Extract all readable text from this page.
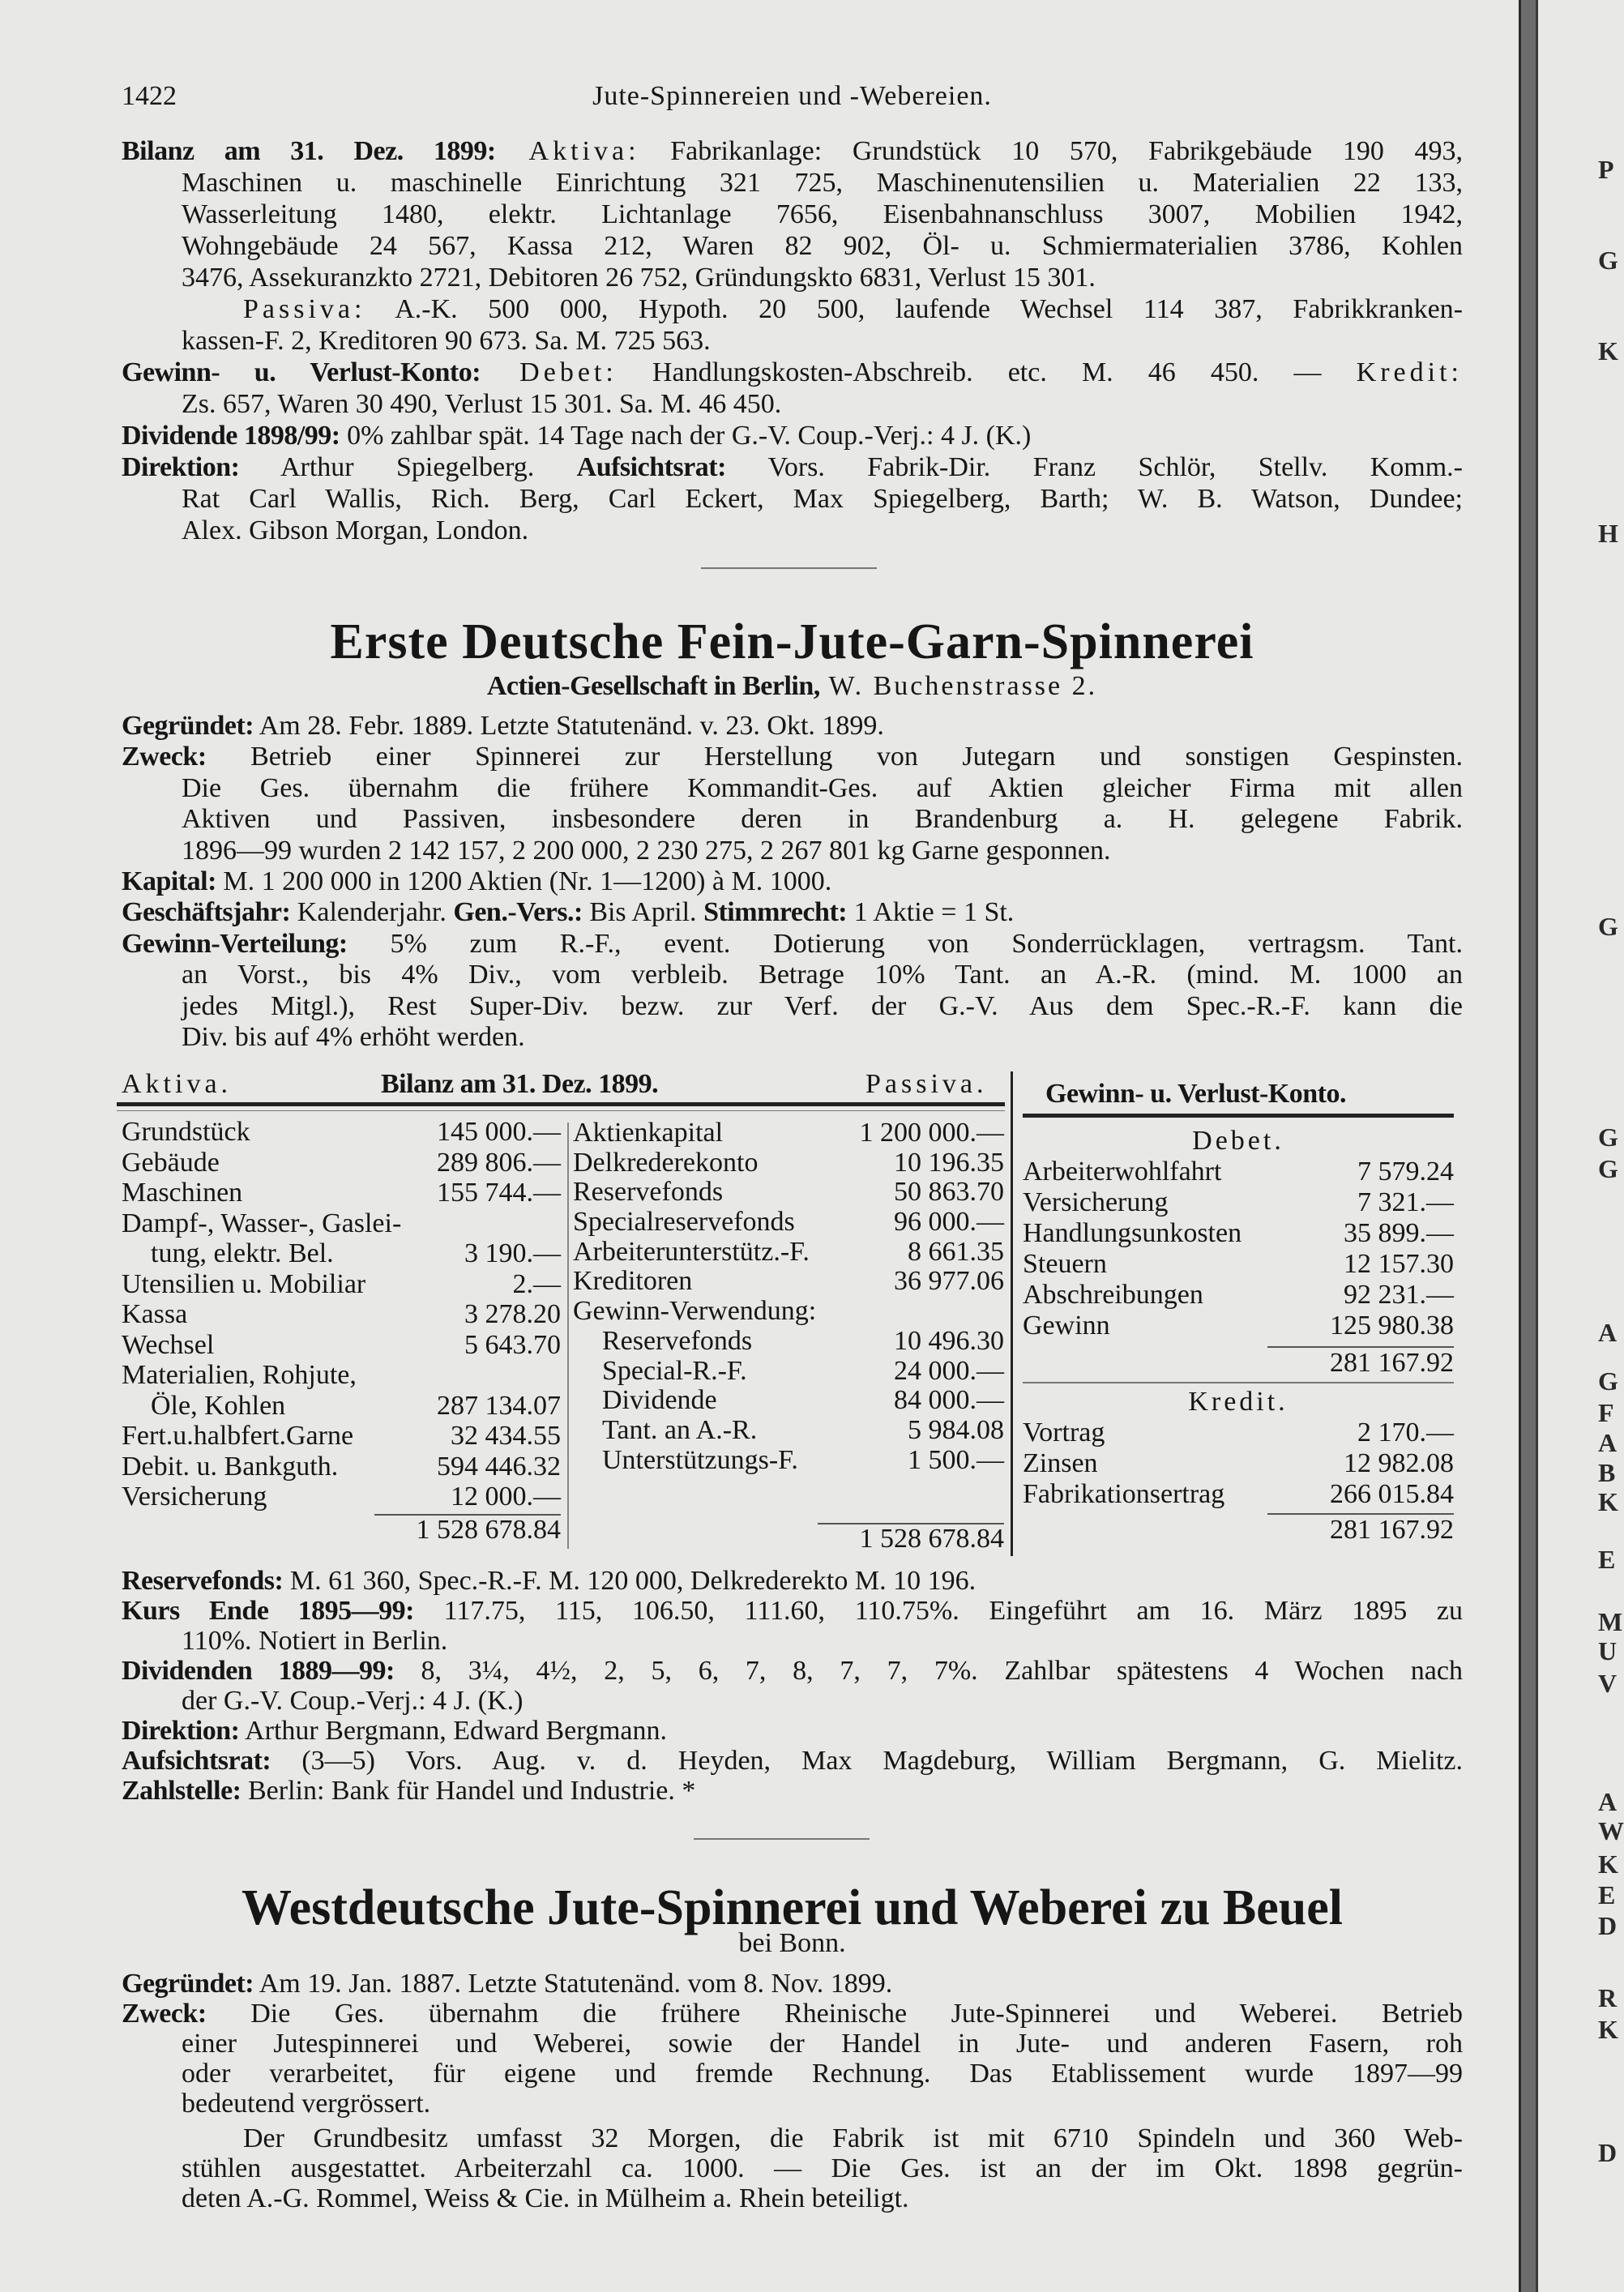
1422	Jute-Spinnereien und -Webereien.
Bilanz am 31. Dez. 1899: Aktiva: Fabrikanlage: Grundstück 10 570, Fabrikgebäude 190 493,
Maschinen u. maschinelle Einrichtung 321 725, Maschinenutensilien u. Materialien 22 133,
Wasserleitung 1480, elektr. Lichtanlage 7656, Eisenbahnanschluss 3007, Mobilien 1942,
Wohngebäude 24 567, Kassa 212, Waren 82 902, Öl- u. Schmiermaterialien 3786, Kohlen
3476, Assekuranzkto 2721, Debitoren 26 752, Gründungskto 6831, Verlust 15 301.
Passiva: A.-K. 500 000, Hypoth. 20 500, laufende Wechsel 114 387, Fabrikkranken-
kassen-F. 2, Kreditoren 90 673. Sa. M. 725 563.
Gewinn- u. Verlust-Konto: Debet: Handlungskosten-Abschreib. etc. M. 46 450. — Kredit:
Zs. 657, Waren 30 490, Verlust 15 301. Sa. M. 46 450.
Dividende 1898/99: 0% zahlbar spät. 14 Tage nach der G.-V. Coup.-Verj.: 4 J. (K.)
Direktion: Arthur Spiegelberg. Aufsichtsrat: Vors. Fabrik-Dir. Franz Schlör, Stellv. Komm.-
Rat Carl Wallis, Rich. Berg, Carl Eckert, Max Spiegelberg, Barth; W. B. Watson, Dundee;
Alex. Gibson Morgan, London.
Erste Deutsche Fein-Jute-Garn-Spinnerei
Actien-Gesellschaft in Berlin, W. Buchenstrasse 2.
Gegründet: Am 28. Febr. 1889. Letzte Statutenänd. v. 23. Okt. 1899.
Zweck: Betrieb einer Spinnerei zur Herstellung von Jutegarn und sonstigen Gespinsten.
Die Ges. übernahm die frühere Kommandit-Ges. auf Aktien gleicher Firma mit allen
Aktiven und Passiven, insbesondere deren in Brandenburg a. H. gelegene Fabrik.
1896—99 wurden 2 142 157, 2 200 000, 2 230 275, 2 267 801 kg Garne gesponnen.
Kapital: M. 1 200 000 in 1200 Aktien (Nr. 1—1200) à M. 1000.
Geschäftsjahr: Kalenderjahr. Gen.-Vers.: Bis April. Stimmrecht: 1 Aktie = 1 St.
Gewinn-Verteilung: 5% zum R.-F., event. Dotierung von Sonderrücklagen, vertragsm. Tant.
an Vorst., bis 4% Div., vom verbleib. Betrage 10% Tant. an A.-R. (mind. M. 1000 an
jedes Mitgl.), Rest Super-Div. bezw. zur Verf. der G.-V. Aus dem Spec.-R.-F. kann die
Div. bis auf 4% erhöht werden.
Aktiva.	Bilanz am 31. Dez. 1899.	Passiva.
Grundstück	145 000.—
Gebäude	289 806.—
Maschinen	155 744.—
Dampf-, Wasser-, Gaslei-
tung, elektr. Bel.	3 190.—
Utensilien u. Mobiliar	2.—
Kassa	3 278.20
Wechsel	5 643.70
Materialien, Rohjute,
Öle, Kohlen	287 134.07
Fert.u.halbfert.Garne	32 434.55
Debit. u. Bankguth.	594 446.32
Versicherung	12 000.—
1 528 678.84
Aktienkapital	1 200 000.—
Delkrederekonto	10 196.35
Reservefonds	50 863.70
Specialreservefonds	96 000.—
Arbeiterunterstütz.-F.	8 661.35
Kreditoren	36 977.06
Gewinn-Verwendung:
Reservefonds	10 496.30
Special-R.-F.	24 000.—
Dividende	84 000.—
Tant. an A.-R.	5 984.08
Unterstützungs-F.	1 500.—
1 528 678.84
Gewinn- u. Verlust-Konto.
Debet.
Arbeiterwohlfahrt	7 579.24
Versicherung	7 321.—
Handlungsunkosten	35 899.—
Steuern	12 157.30
Abschreibungen	92 231.—
Gewinn	125 980.38
281 167.92
Kredit.
Vortrag	2 170.—
Zinsen	12 982.08
Fabrikationsertrag	266 015.84
281 167.92
Reservefonds: M. 61 360, Spec.-R.-F. M. 120 000, Delkrederekto M. 10 196.
Kurs Ende 1895—99: 117.75, 115, 106.50, 111.60, 110.75%. Eingeführt am 16. März 1895 zu
110%. Notiert in Berlin.
Dividenden 1889—99: 8, 3¼, 4½, 2, 5, 6, 7, 8, 7, 7, 7%. Zahlbar spätestens 4 Wochen nach
der G.-V. Coup.-Verj.: 4 J. (K.)
Direktion: Arthur Bergmann, Edward Bergmann.
Aufsichtsrat: (3—5) Vors. Aug. v. d. Heyden, Max Magdeburg, William Bergmann, G. Mielitz.
Zahlstelle: Berlin: Bank für Handel und Industrie. *
Westdeutsche Jute-Spinnerei und Weberei zu Beuel
bei Bonn.
Gegründet: Am 19. Jan. 1887. Letzte Statutenänd. vom 8. Nov. 1899.
Zweck: Die Ges. übernahm die frühere Rheinische Jute-Spinnerei und Weberei. Betrieb
einer Jutespinnerei und Weberei, sowie der Handel in Jute- und anderen Fasern, roh
oder verarbeitet, für eigene und fremde Rechnung. Das Etablissement wurde 1897—99
bedeutend vergrössert.
Der Grundbesitz umfasst 32 Morgen, die Fabrik ist mit 6710 Spindeln und 360 Web-
stühlen ausgestattet. Arbeiterzahl ca. 1000. — Die Ges. ist an der im Okt. 1898 gegrün-
deten A.-G. Rommel, Weiss & Cie. in Mülheim a. Rhein beteiligt.
P
G
K
H
G
G
G
A
G
F
A
B
K
E
M
U
V
A
W
K
E
D
R
K
D
